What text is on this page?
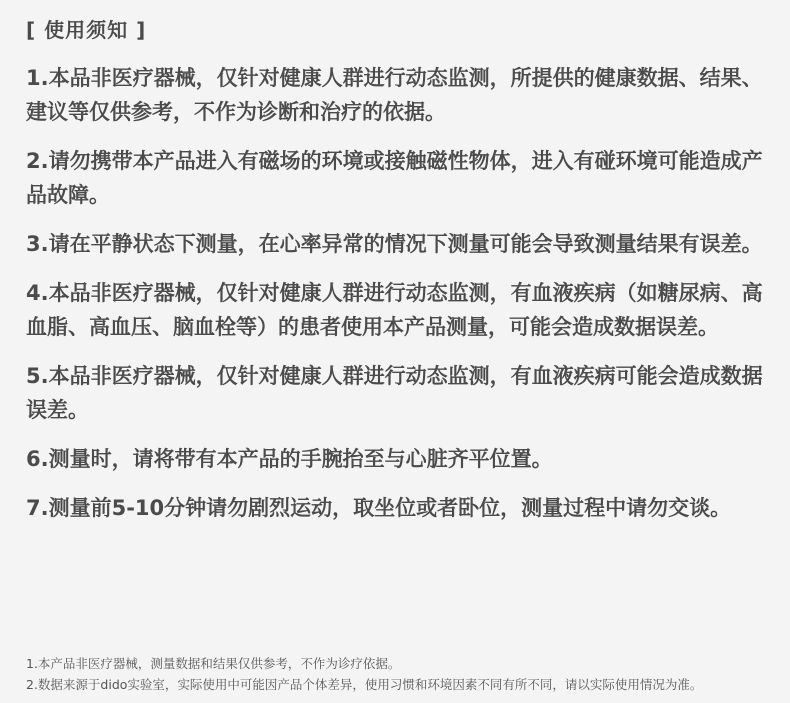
[ 使用须知 ]
1.本品非医疗器械，仅针对健康人群进行动态监测，所提供的健康数据、结果、建议等仅供参考，不作为诊断和治疗的依据。
2.请勿携带本产品进入有磁场的环境或接触磁性物体，进入有碰环境可能造成产品故障。
3.请在平静状态下测量，在心率异常的情况下测量可能会导致测量结果有误差。
4.本品非医疗器械，仅针对健康人群进行动态监测，有血液疾病（如糖尿病、高血脂、高血压、脑血栓等）的患者使用本产品测量，可能会造成数据误差。
5.本品非医疗器械，仅针对健康人群进行动态监测，有血液疾病可能会造成数据误差。
6.测量时，请将带有本产品的手腕抬至与心脏齐平位置。
7.测量前5-10分钟请勿剧烈运动，取坐位或者卧位，测量过程中请勿交谈。
1.本产品非医疗器械，测量数据和结果仅供参考，不作为诊疗依据。
2.数据来源于dido实验室，实际使用中可能因产品个体差异，使用习惯和环境因素不同有所不同，请以实际使用情况为准。
